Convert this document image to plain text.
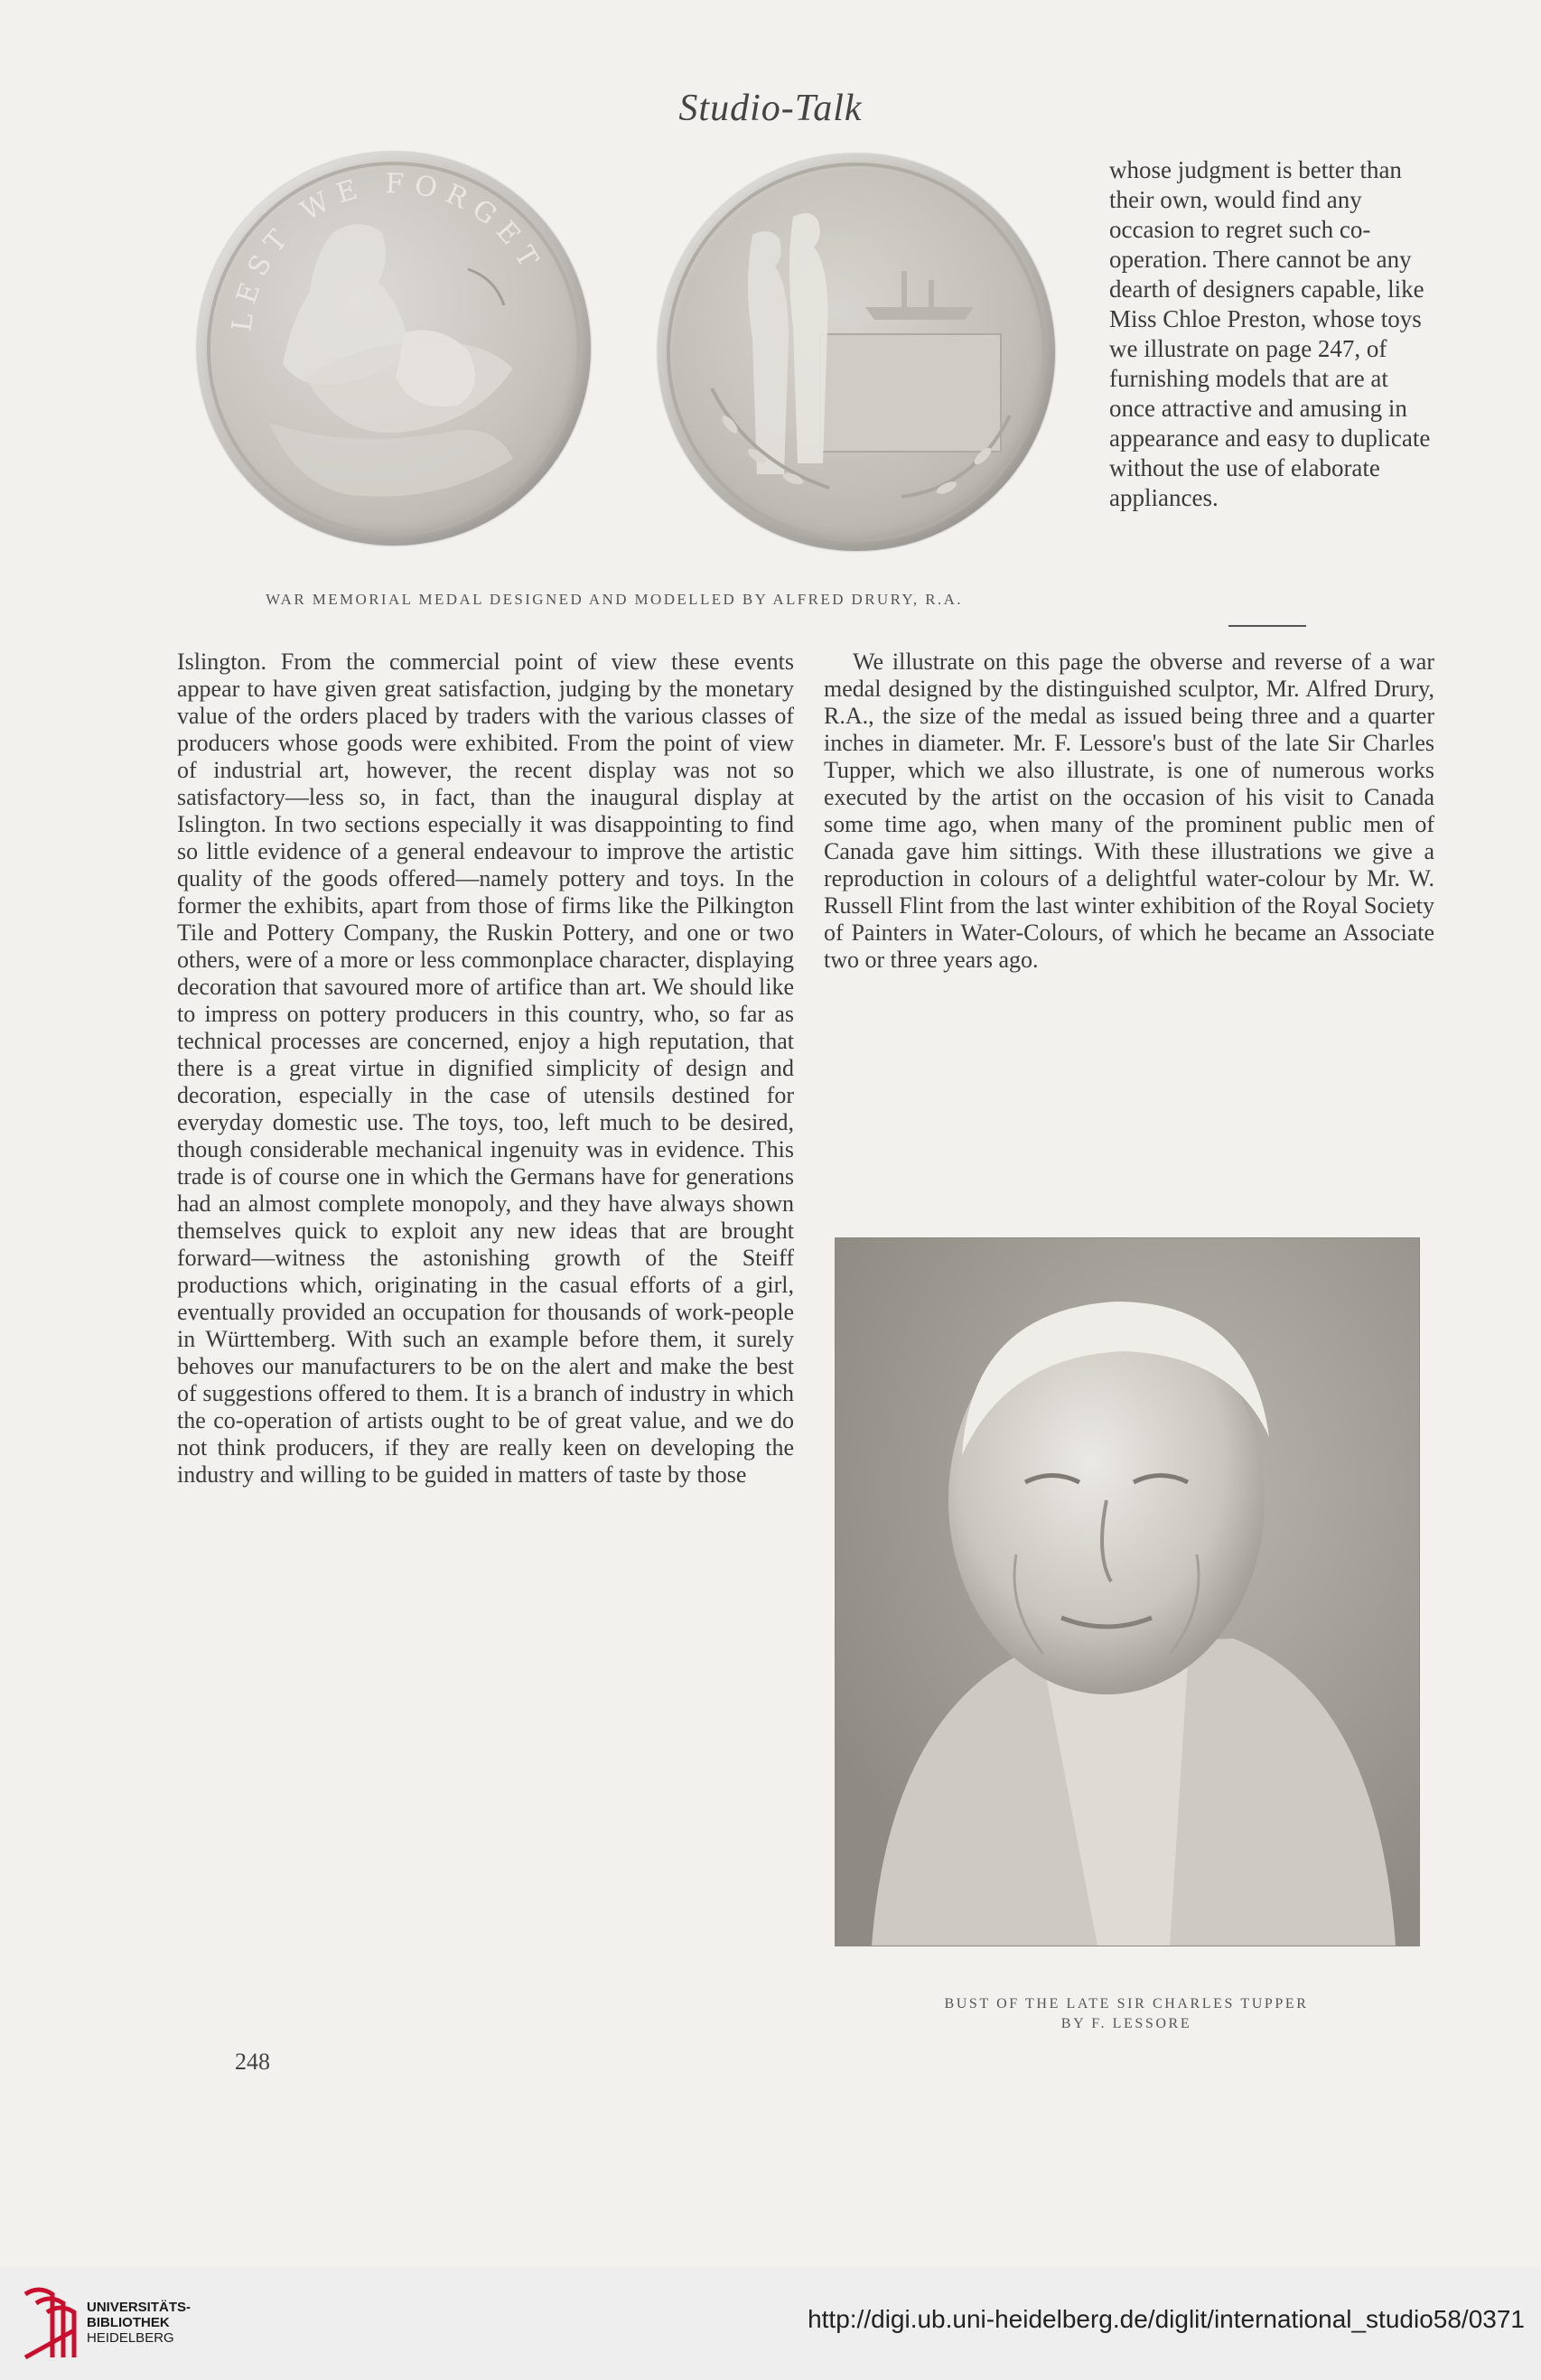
Studio-Talk
LEST WE FORGET
WAR MEMORIAL MEDAL DESIGNED AND MODELLED BY ALFRED DRURY, R.A.

whose judgment is better than their own, would find any occasion to regret such co-operation. There cannot be any dearth of designers capable, like Miss Chloe Preston, whose toys we illustrate on page 247, of furnishing models that are at once attractive and amusing in appearance and easy to duplicate without the use of elaborate appliances.

Islington. From the commercial point of view these events appear to have given great satisfaction, judging by the monetary value of the orders placed by traders with the various classes of producers whose goods were exhibited. From the point of view of industrial art, however, the recent display was not so satisfactory—less so, in fact, than the inaugural display at Islington. In two sections especially it was disappointing to find so little evidence of a general endeavour to improve the artistic quality of the goods offered—namely pottery and toys. In the former the exhibits, apart from those of firms like the Pilkington Tile and Pottery Company, the Ruskin Pottery, and one or two others, were of a more or less commonplace character, displaying decoration that savoured more of artifice than art. We should like to impress on pottery producers in this country, who, so far as technical processes are concerned, enjoy a high reputation, that there is a great virtue in dignified simplicity of design and decoration, especially in the case of utensils destined for everyday domestic use. The toys, too, left much to be desired, though considerable mechanical ingenuity was in evidence. This trade is of course one in which the Germans have for generations had an almost complete monopoly, and they have always shown themselves quick to exploit any new ideas that are brought forward—witness the astonishing growth of the Steiff productions which, originating in the casual efforts of a girl, eventually provided an occupation for thousands of work-people in Württemberg. With such an example before them, it surely behoves our manufacturers to be on the alert and make the best of suggestions offered to them. It is a branch of industry in which the co-operation of artists ought to be of great value, and we do not think producers, if they are really keen on developing the industry and willing to be guided in matters of taste by those

We illustrate on this page the obverse and reverse of a war medal designed by the distinguished sculptor, Mr. Alfred Drury, R.A., the size of the medal as issued being three and a quarter inches in diameter. Mr. F. Lessore's bust of the late Sir Charles Tupper, which we also illustrate, is one of numerous works executed by the artist on the occasion of his visit to Canada some time ago, when many of the prominent public men of Canada gave him sittings. With these illustrations we give a reproduction in colours of a delightful water-colour by Mr. W. Russell Flint from the last winter exhibition of the Royal Society of Painters in Water-Colours, of which he became an Associate two or three years ago.

BUST OF THE LATE SIR CHARLES TUPPER
BY F. LESSORE
248
UNIVERSITÄTS-
BIBLIOTHEK
HEIDELBERG
http://digi.ub.uni-heidelberg.de/diglit/international_studio58/0371
